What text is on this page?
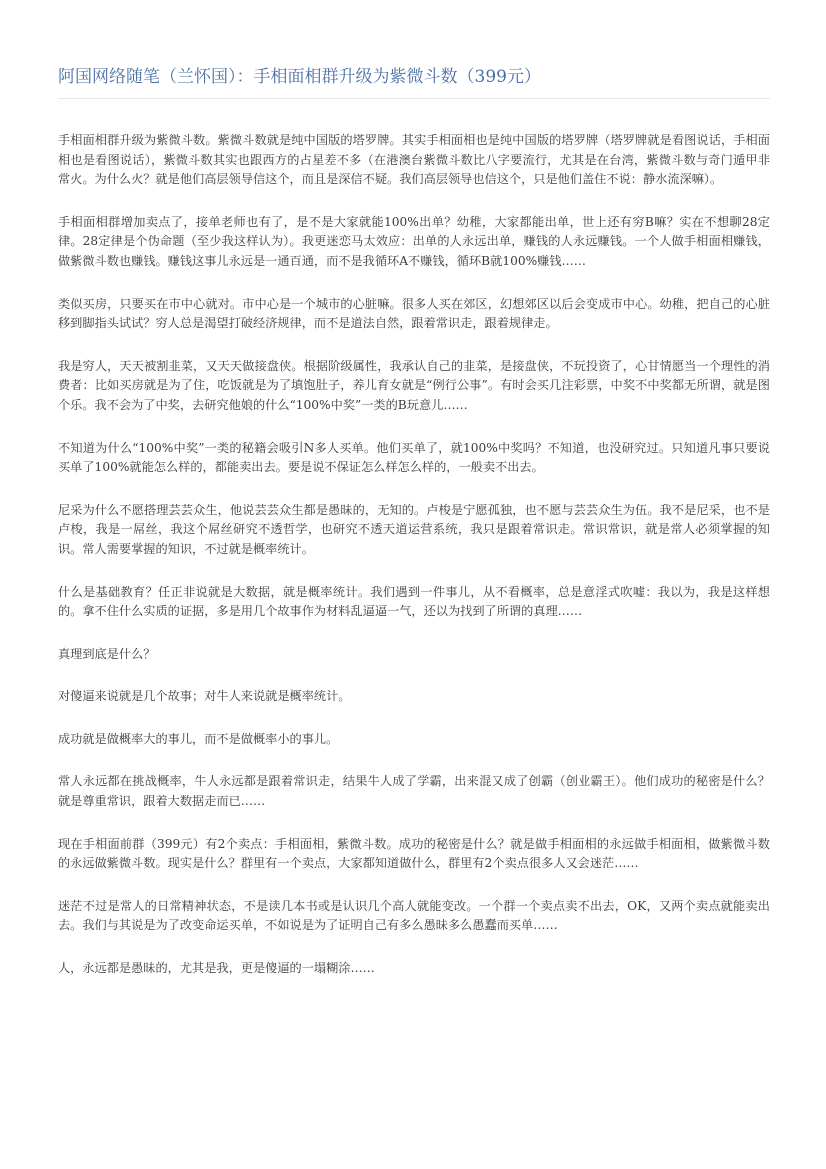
阿国网络随笔（兰怀国）：手相面相群升级为紫微斗数（399元）

手相面相群升级为紫微斗数。紫微斗数就是纯中国版的塔罗牌。其实手相面相也是纯中国版的塔罗牌（塔罗牌就是看图说话，手相面相也是看图说话），紫微斗数其实也跟西方的占星差不多（在港澳台紫微斗数比八字要流行，尤其是在台湾，紫微斗数与奇门遁甲非常火。为什么火？就是他们高层领导信这个，而且是深信不疑。我们高层领导也信这个，只是他们盖住不说：静水流深嘛）。

手相面相群增加卖点了，接单老师也有了，是不是大家就能100%出单？幼稚，大家都能出单，世上还有穷B嘛？实在不想聊28定律。28定律是个伪命题（至少我这样认为）。我更迷恋马太效应：出单的人永远出单，赚钱的人永远赚钱。一个人做手相面相赚钱，做紫微斗数也赚钱。赚钱这事儿永远是一通百通，而不是我循环A不赚钱，循环B就100%赚钱……

类似买房，只要买在市中心就对。市中心是一个城市的心脏嘛。很多人买在郊区，幻想郊区以后会变成市中心。幼稚，把自己的心脏移到脚指头试试？穷人总是渴望打破经济规律，而不是道法自然，跟着常识走，跟着规律走。

我是穷人，天天被割韭菜，又天天做接盘侠。根据阶级属性，我承认自己的韭菜，是接盘侠，不玩投资了，心甘情愿当一个理性的消费者：比如买房就是为了住，吃饭就是为了填饱肚子，养儿育女就是“例行公事”。有时会买几注彩票，中奖不中奖都无所谓，就是图个乐。我不会为了中奖，去研究他娘的什么“100%中奖”一类的B玩意儿……

不知道为什么“100%中奖”一类的秘籍会吸引N多人买单。他们买单了，就100%中奖吗？不知道，也没研究过。只知道凡事只要说买单了100%就能怎么样的，都能卖出去。要是说不保证怎么样怎么样的，一般卖不出去。

尼采为什么不愿搭理芸芸众生，他说芸芸众生都是愚昧的，无知的。卢梭是宁愿孤独，也不愿与芸芸众生为伍。我不是尼采，也不是卢梭，我是一屌丝，我这个屌丝研究不透哲学，也研究不透天道运营系统，我只是跟着常识走。常识常识，就是常人必须掌握的知识。常人需要掌握的知识，不过就是概率统计。

什么是基础教育？任正非说就是大数据，就是概率统计。我们遇到一件事儿，从不看概率，总是意淫式吹嘘：我以为，我是这样想的。拿不住什么实质的证据，多是用几个故事作为材料乱逼逼一气，还以为找到了所谓的真理……

真理到底是什么？

对傻逼来说就是几个故事；对牛人来说就是概率统计。

成功就是做概率大的事儿，而不是做概率小的事儿。

常人永远都在挑战概率，牛人永远都是跟着常识走，结果牛人成了学霸，出来混又成了创霸（创业霸王）。他们成功的秘密是什么？就是尊重常识，跟着大数据走而已……

现在手相面前群（399元）有2个卖点：手相面相，紫微斗数。成功的秘密是什么？就是做手相面相的永远做手相面相，做紫微斗数的永远做紫微斗数。现实是什么？群里有一个卖点，大家都知道做什么，群里有2个卖点很多人又会迷茫……

迷茫不过是常人的日常精神状态，不是读几本书或是认识几个高人就能变改。一个群一个卖点卖不出去，OK，又两个卖点就能卖出去。我们与其说是为了改变命运买单，不如说是为了证明自己有多么愚昧多么愚蠢而买单……

人，永远都是愚昧的，尤其是我，更是傻逼的一塌糊涂……
